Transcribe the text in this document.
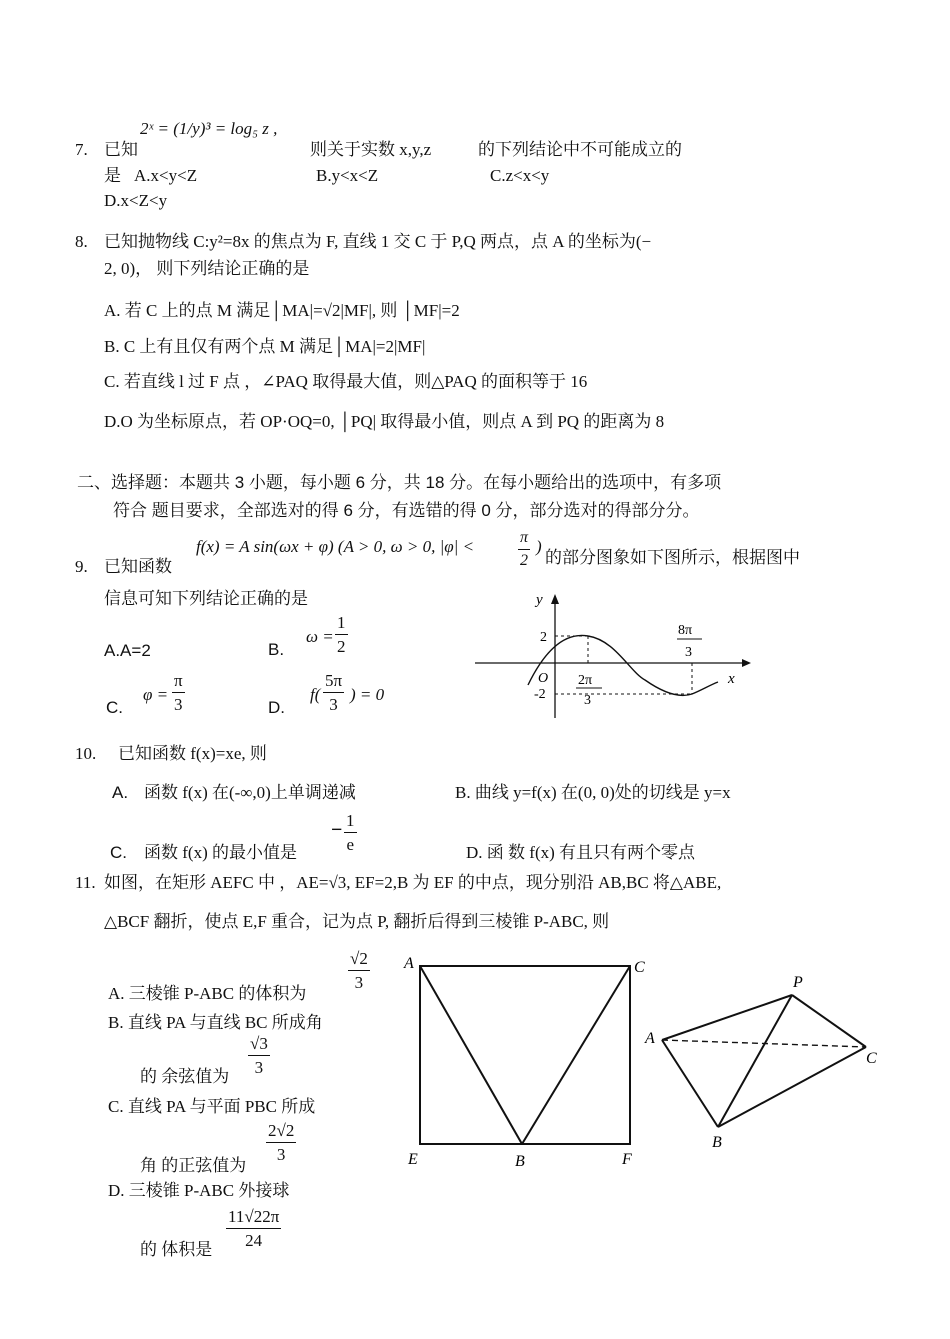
2ˣ = (1/y)³ = log₅ z ,
7. 已知	则关于实数 x,y,z	的下列结论中不可能成立的
是 A.x<y<Z	B.y<x<Z	C.z<x<y
D.x<Z<y
8. 已知抛物线 C:y²=8x 的焦点为 F, 直线 1 交 C 于 P,Q 两点，点 A 的坐标为(−
2, 0)， 则下列结论正确的是
A. 若 C 上的点 M 满足│MA|=√2|MF|, 则 │MF|=2
B. C 上有且仅有两个点 M 满足│MA|=2|MF|
C. 若直线 l 过 F 点 ，∠PAQ 取得最大值，则△PAQ 的面积等于 16
D.O 为坐标原点，若 OP·OQ=0, │PQ| 取得最小值，则点 A 到 PQ 的距离为 8
二、选择题：本题共 3 小题，每小题 6 分，共 18 分。在每小题给出的选项中，有多项
符合 题目要求，全部选对的得 6 分，有选错的得 0 分，部分选对的得部分分。
f(x) = A sin(ωx + φ) (A > 0, ω > 0, |φ| <	π
2
)
的部分图象如下图所示，根据图中
9. 已知函数
信息可知下列结论正确的是
A.A=2	B.
ω =
1
2
C.
φ =
π
3	D.
f(
5π
3
) = 0
y
x
O
2
-2
2π
3
8π
3
10. 已知函数 f(x)=xe, 则
A. 函数 f(x) 在(-∞,0)上单调递减	B. 曲线 y=f(x) 在(0, 0)处的切线是 y=x
C. 函数 f(x) 的最小值是
− 1
e	D. 函 数 f(x) 有且只有两个零点
11. 如图，在矩形 AEFC 中 ，AE=√3, EF=2,B 为 EF 的中点，现分别沿 AB,BC 将△ABE,
△BCF 翻折，使点 E,F 重合，记为点 P, 翻折后得到三棱锥 P-ABC, 则
A. 三棱锥 P-ABC 的体积为
√2
3
B. 直线 PA 与直线 BC 所成角
√3
3
的 余弦值为
C. 直线 PA 与平面 PBC 所成
2√2
3
角 的正弦值为
D. 三棱锥 P-ABC 外接球
11√22π
24
的 体积是
A	C
E	B	F
P
A
C
B
